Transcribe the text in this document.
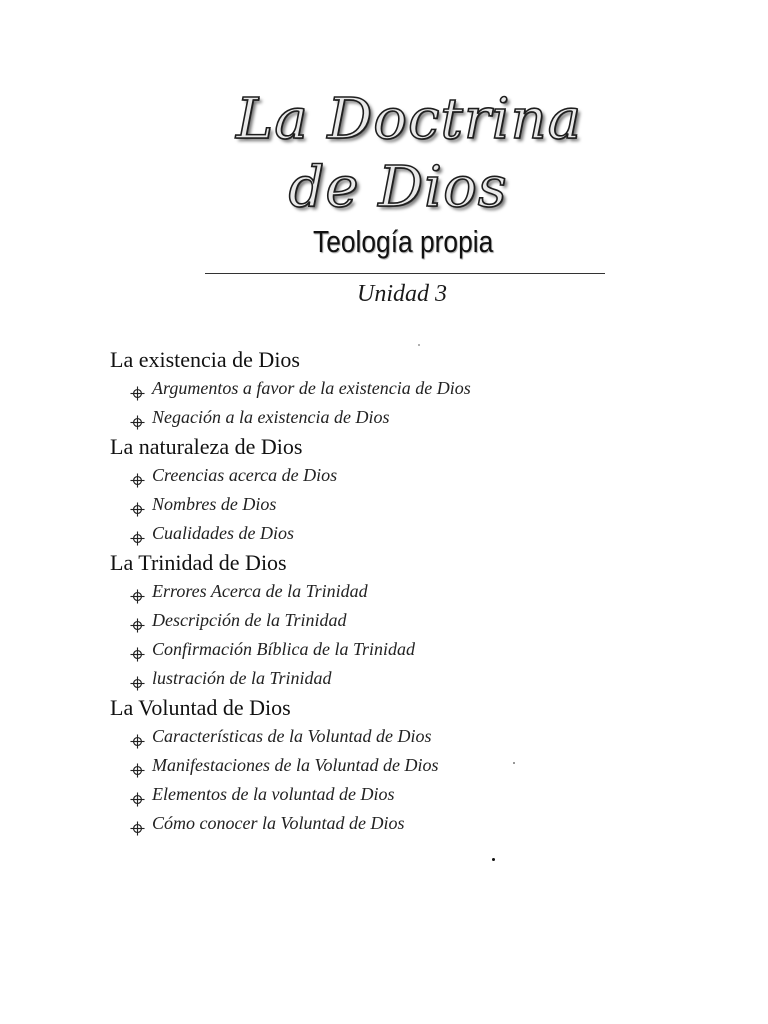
La Doctrina
de Dios
Teología propia
Unidad 3
La existencia de Dios
Argumentos a favor de la existencia de Dios
Negación a la existencia de Dios
La naturaleza de Dios
Creencias acerca de Dios
Nombres de Dios
Cualidades de Dios
La Trinidad de Dios
Errores Acerca de la Trinidad
Descripción de la Trinidad
Confirmación Bíblica de la Trinidad
lustración de la Trinidad
La Voluntad de Dios
Características de la Voluntad de Dios
Manifestaciones de la Voluntad de Dios
Elementos de la voluntad de Dios
Cómo conocer la Voluntad de Dios
